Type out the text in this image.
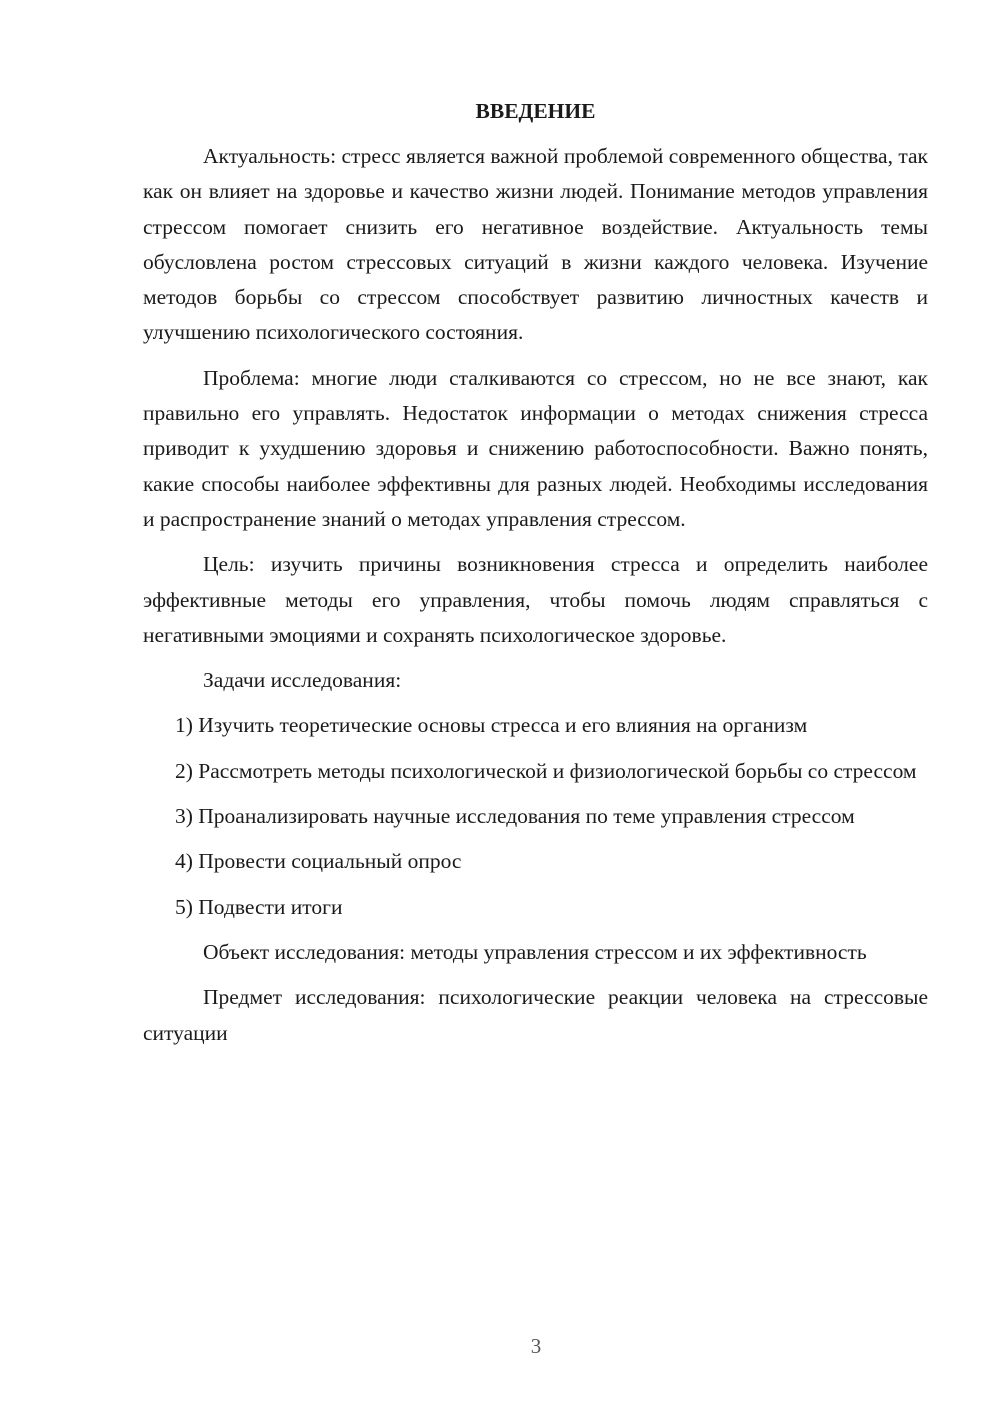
ВВЕДЕНИЕ

Актуальность: стресс является важной проблемой современного общества, так как он влияет на здоровье и качество жизни людей. Понимание методов управления стрессом помогает снизить его негативное воздействие. Актуальность темы обусловлена ростом стрессовых ситуаций в жизни каждого человека. Изучение методов борьбы со стрессом способствует развитию личностных качеств и улучшению психологического состояния.

Проблема: многие люди сталкиваются со стрессом, но не все знают, как правильно его управлять. Недостаток информации о методах снижения стресса приводит к ухудшению здоровья и снижению работоспособности. Важно понять, какие способы наиболее эффективны для разных людей. Необходимы исследования и распространение знаний о методах управления стрессом.

Цель: изучить причины возникновения стресса и определить наиболее эффективные методы его управления, чтобы помочь людям справляться с негативными эмоциями и сохранять психологическое здоровье.

Задачи исследования:

1) Изучить теоретические основы стресса и его влияния на организм

2) Рассмотреть методы психологической и физиологической борьбы со стрессом

3) Проанализировать научные исследования по теме управления стрессом

4) Провести социальный опрос

5) Подвести итоги

Объект исследования: методы управления стрессом и их эффективность

Предмет исследования: психологические реакции человека на стрессовые ситуации

3
